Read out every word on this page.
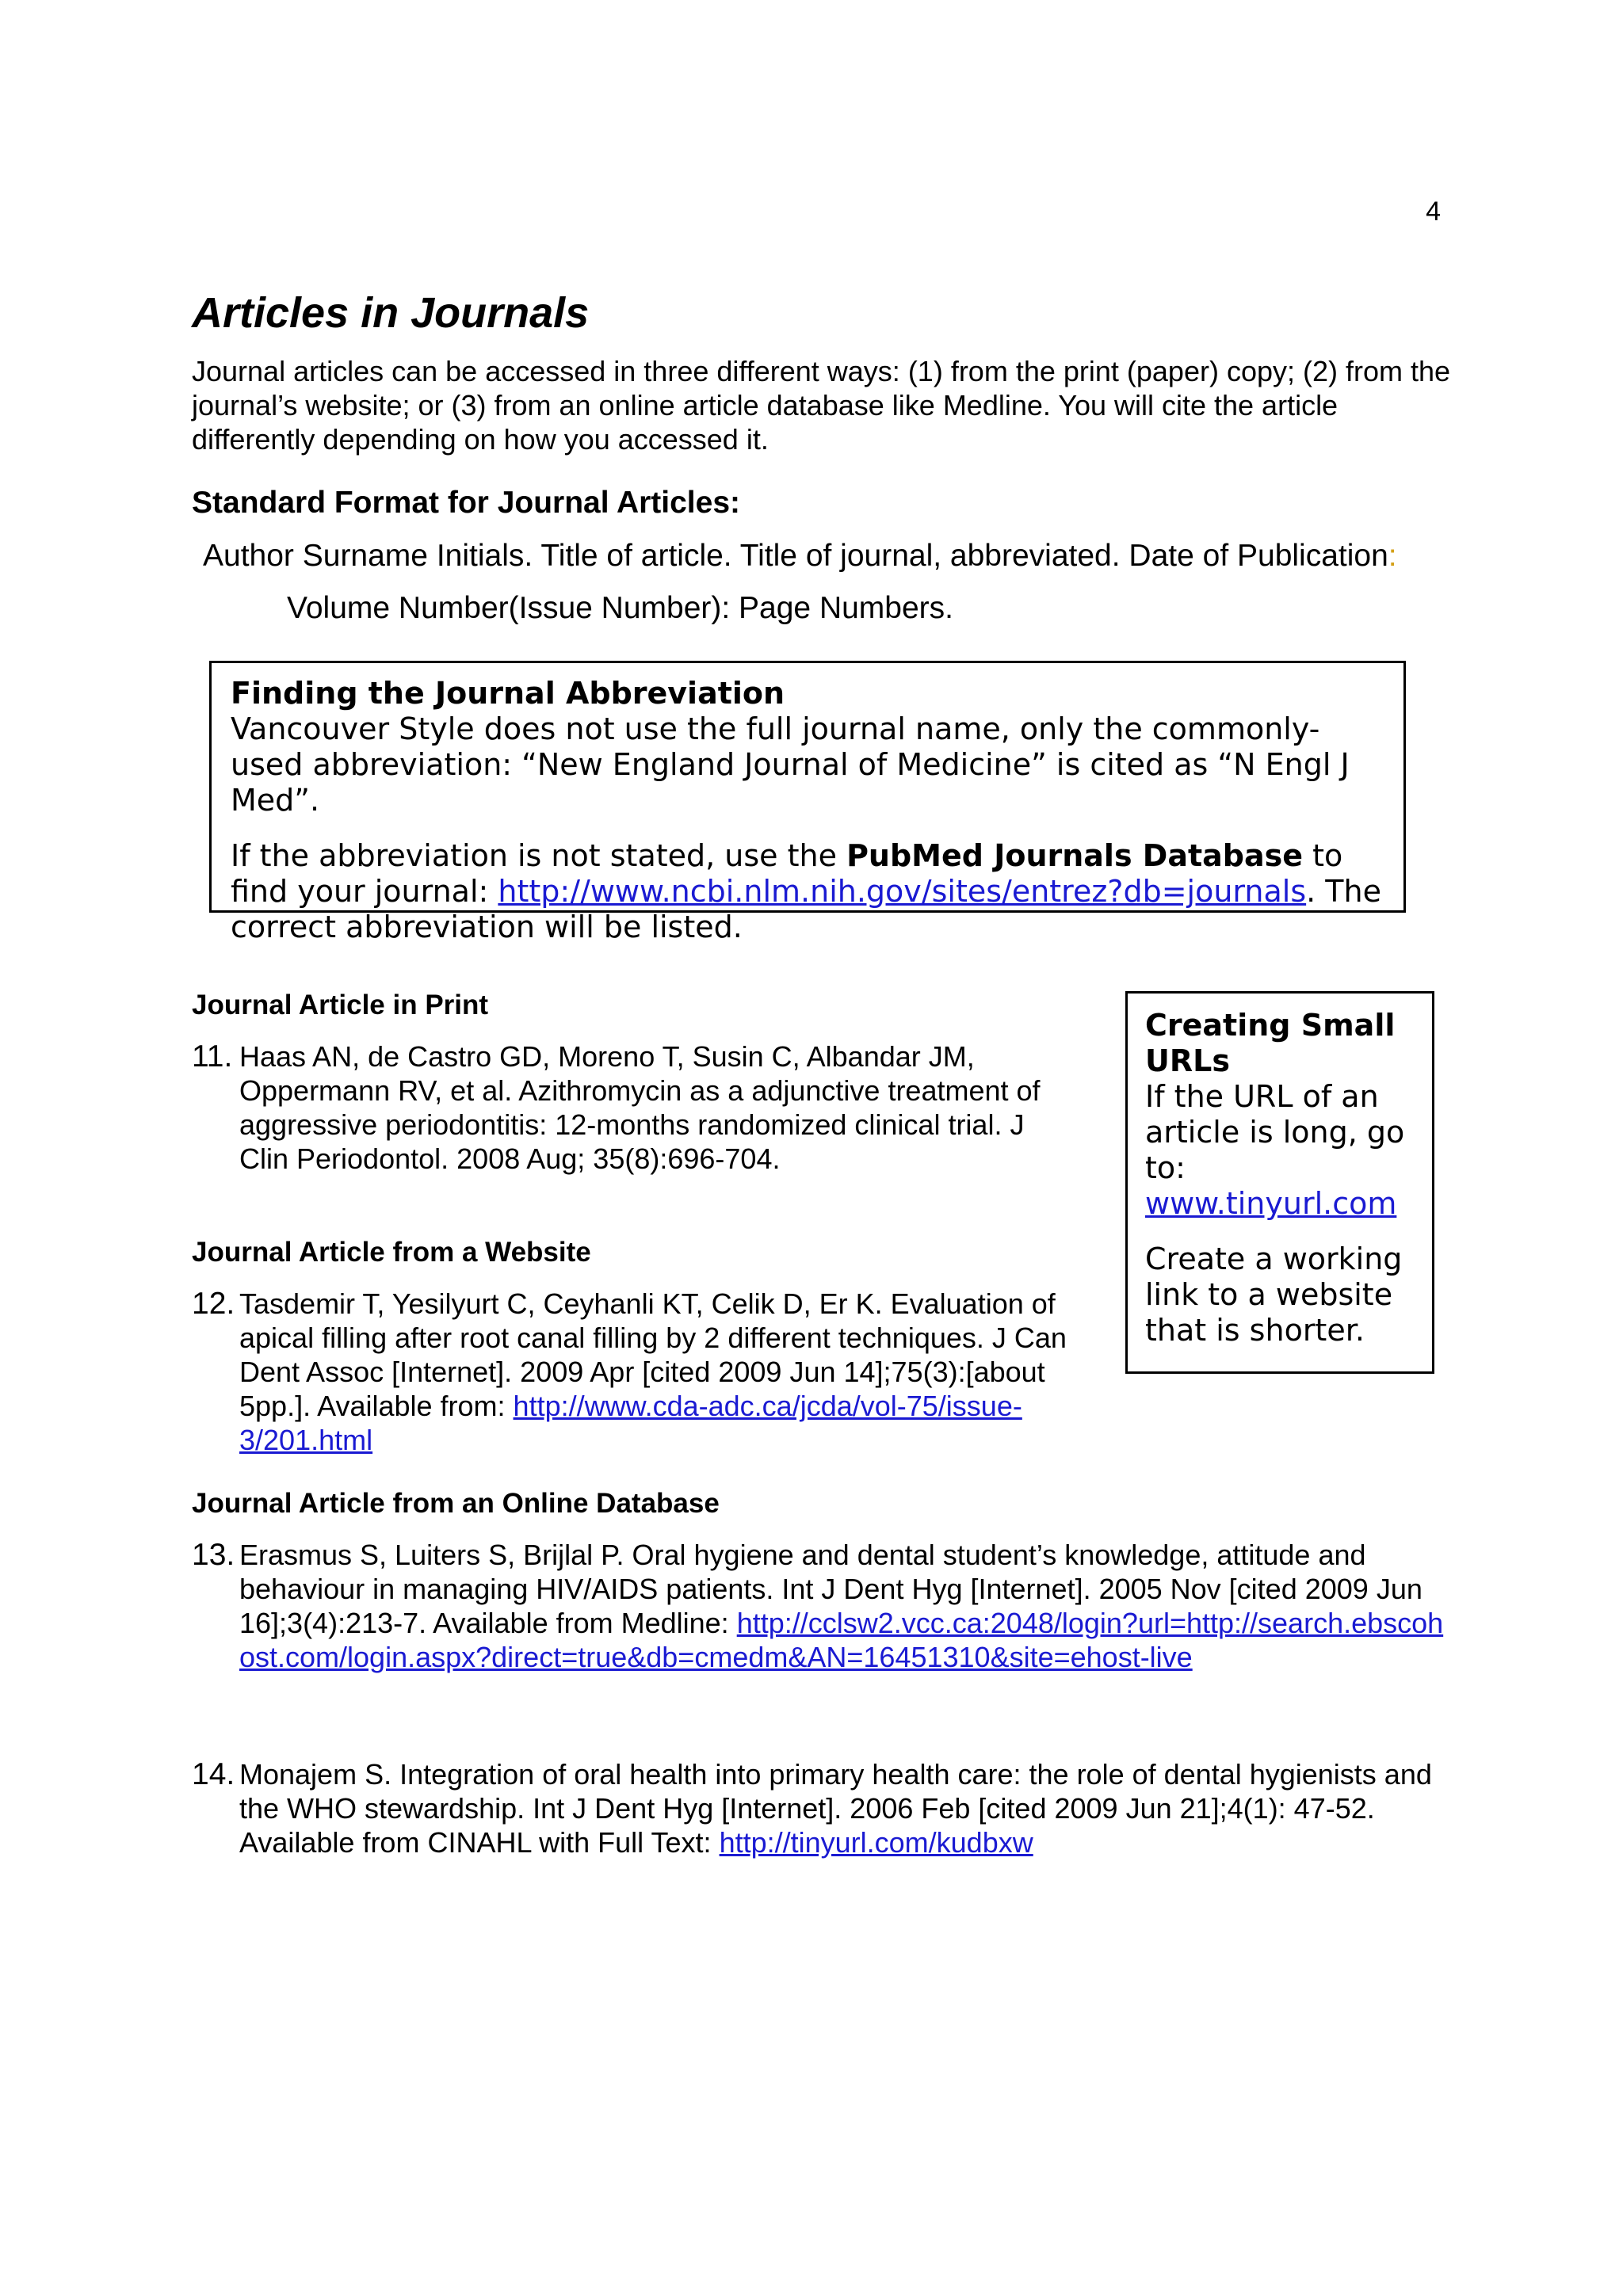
4
Articles in Journals
Journal articles can be accessed in three different ways: (1) from the print (paper) copy; (2) from the journal’s website; or (3) from an online article database like Medline. You will cite the article differently depending on how you accessed it.
Standard Format for Journal Articles:
Author Surname Initials. Title of article. Title of journal, abbreviated. Date of Publication:
Volume Number(Issue Number): Page Numbers.

Finding the Journal Abbreviation

Vancouver Style does not use the full journal name, only the commonly-used abbreviation: “New England Journal of Medicine” is cited as “N Engl J Med”.

If the abbreviation is not stated, use the PubMed Journals Database to find your journal: http://www.ncbi.nlm.nih.gov/sites/entrez?db=journals. The correct abbreviation will be listed.

Creating Small URLs

If the URL of an article is long, go to:

www.tinyurl.com

Create a working link to a website that is shorter.

Journal Article in Print
11. Haas AN, de Castro GD, Moreno T, Susin C, Albandar JM, Oppermann RV, et al. Azithromycin as a adjunctive treatment of aggressive periodontitis: 12-months randomized clinical trial. J Clin Periodontol. 2008 Aug; 35(8):696-704.
Journal Article from a Website
12. Tasdemir T, Yesilyurt C, Ceyhanli KT, Celik D, Er K. Evaluation of apical filling after root canal filling by 2 different techniques. J Can Dent Assoc [Internet]. 2009 Apr [cited 2009 Jun 14];75(3):[about 5pp.]. Available from: http://www.cda-adc.ca/jcda/vol-75/issue-3/201.html
Journal Article from an Online Database
13. Erasmus S, Luiters S, Brijlal P. Oral hygiene and dental student’s knowledge, attitude and behaviour in managing HIV/AIDS patients. Int J Dent Hyg [Internet]. 2005 Nov [cited 2009 Jun 16];3(4):213-7. Available from Medline: http://cclsw2.vcc.ca:2048/login?url=http://search.ebscohost.com/login.aspx?direct=true&db=cmedm&AN=16451310&site=ehost-live
14. Monajem S. Integration of oral health into primary health care: the role of dental hygienists and the WHO stewardship. Int J Dent Hyg [Internet]. 2006 Feb [cited 2009 Jun 21];4(1): 47-52. Available from CINAHL with Full Text: http://tinyurl.com/kudbxw
